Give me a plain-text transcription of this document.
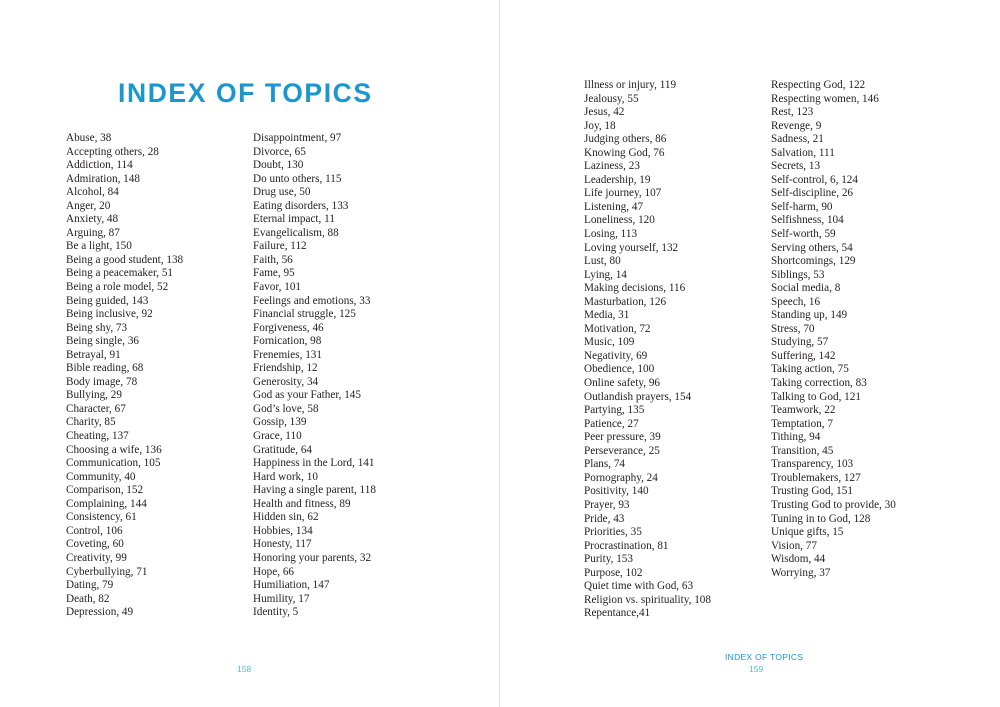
INDEX OF TOPICS
Abuse, 38
Accepting others, 28
Addiction, 114
Admiration, 148
Alcohol, 84
Anger, 20
Anxiety, 48
Arguing, 87
Be a light, 150
Being a good student, 138
Being a peacemaker, 51
Being a role model, 52
Being guided, 143
Being inclusive, 92
Being shy, 73
Being single, 36
Betrayal, 91
Bible reading, 68
Body image, 78
Bullying, 29
Character, 67
Charity, 85
Cheating, 137
Choosing a wife, 136
Communication, 105
Community, 40
Comparison, 152
Complaining, 144
Consistency, 61
Control, 106
Coveting, 60
Creativity, 99
Cyberbullying, 71
Dating, 79
Death, 82
Depression, 49
Disappointment, 97
Divorce, 65
Doubt, 130
Do unto others, 115
Drug use, 50
Eating disorders, 133
Eternal impact, 11
Evangelicalism, 88
Failure, 112
Faith, 56
Fame, 95
Favor, 101
Feelings and emotions, 33
Financial struggle, 125
Forgiveness, 46
Fornication, 98
Frenemies, 131
Friendship, 12
Generosity, 34
God as your Father, 145
God’s love, 58
Gossip, 139
Grace, 110
Gratitude, 64
Happiness in the Lord, 141
Hard work, 10
Having a single parent, 118
Health and fitness, 89
Hidden sin, 62
Hobbies, 134
Honesty, 117
Honoring your parents, 32
Hope, 66
Humiliation, 147
Humility, 17
Identity, 5
158
Illness or injury, 119
Jealousy, 55
Jesus, 42
Joy, 18
Judging others, 86
Knowing God, 76
Laziness, 23
Leadership, 19
Life journey, 107
Listening, 47
Loneliness, 120
Losing, 113
Loving yourself, 132
Lust, 80
Lying, 14
Making decisions, 116
Masturbation, 126
Media, 31
Motivation, 72
Music, 109
Negativity, 69
Obedience, 100
Online safety, 96
Outlandish prayers, 154
Partying, 135
Patience, 27
Peer pressure, 39
Perseverance, 25
Plans, 74
Pornography, 24
Positivity, 140
Prayer, 93
Pride, 43
Priorities, 35
Procrastination, 81
Purity, 153
Purpose, 102
Quiet time with God, 63
Religion vs. spirituality, 108
Repentance,41
Respecting God, 122
Respecting women, 146
Rest, 123
Revenge, 9
Sadness, 21
Salvation, 111
Secrets, 13
Self-control, 6, 124
Self-discipline, 26
Self-harm, 90
Selfishness, 104
Self-worth, 59
Serving others, 54
Shortcomings, 129
Siblings, 53
Social media, 8
Speech, 16
Standing up, 149
Stress, 70
Studying, 57
Suffering, 142
Taking action, 75
Taking correction, 83
Talking to God, 121
Teamwork, 22
Temptation, 7
Tithing, 94
Transition, 45
Transparency, 103
Troublemakers, 127
Trusting God, 151
Trusting God to provide, 30
Tuning in to God, 128
Unique gifts, 15
Vision, 77
Wisdom, 44
Worrying, 37
INDEX OF TOPICS
159
